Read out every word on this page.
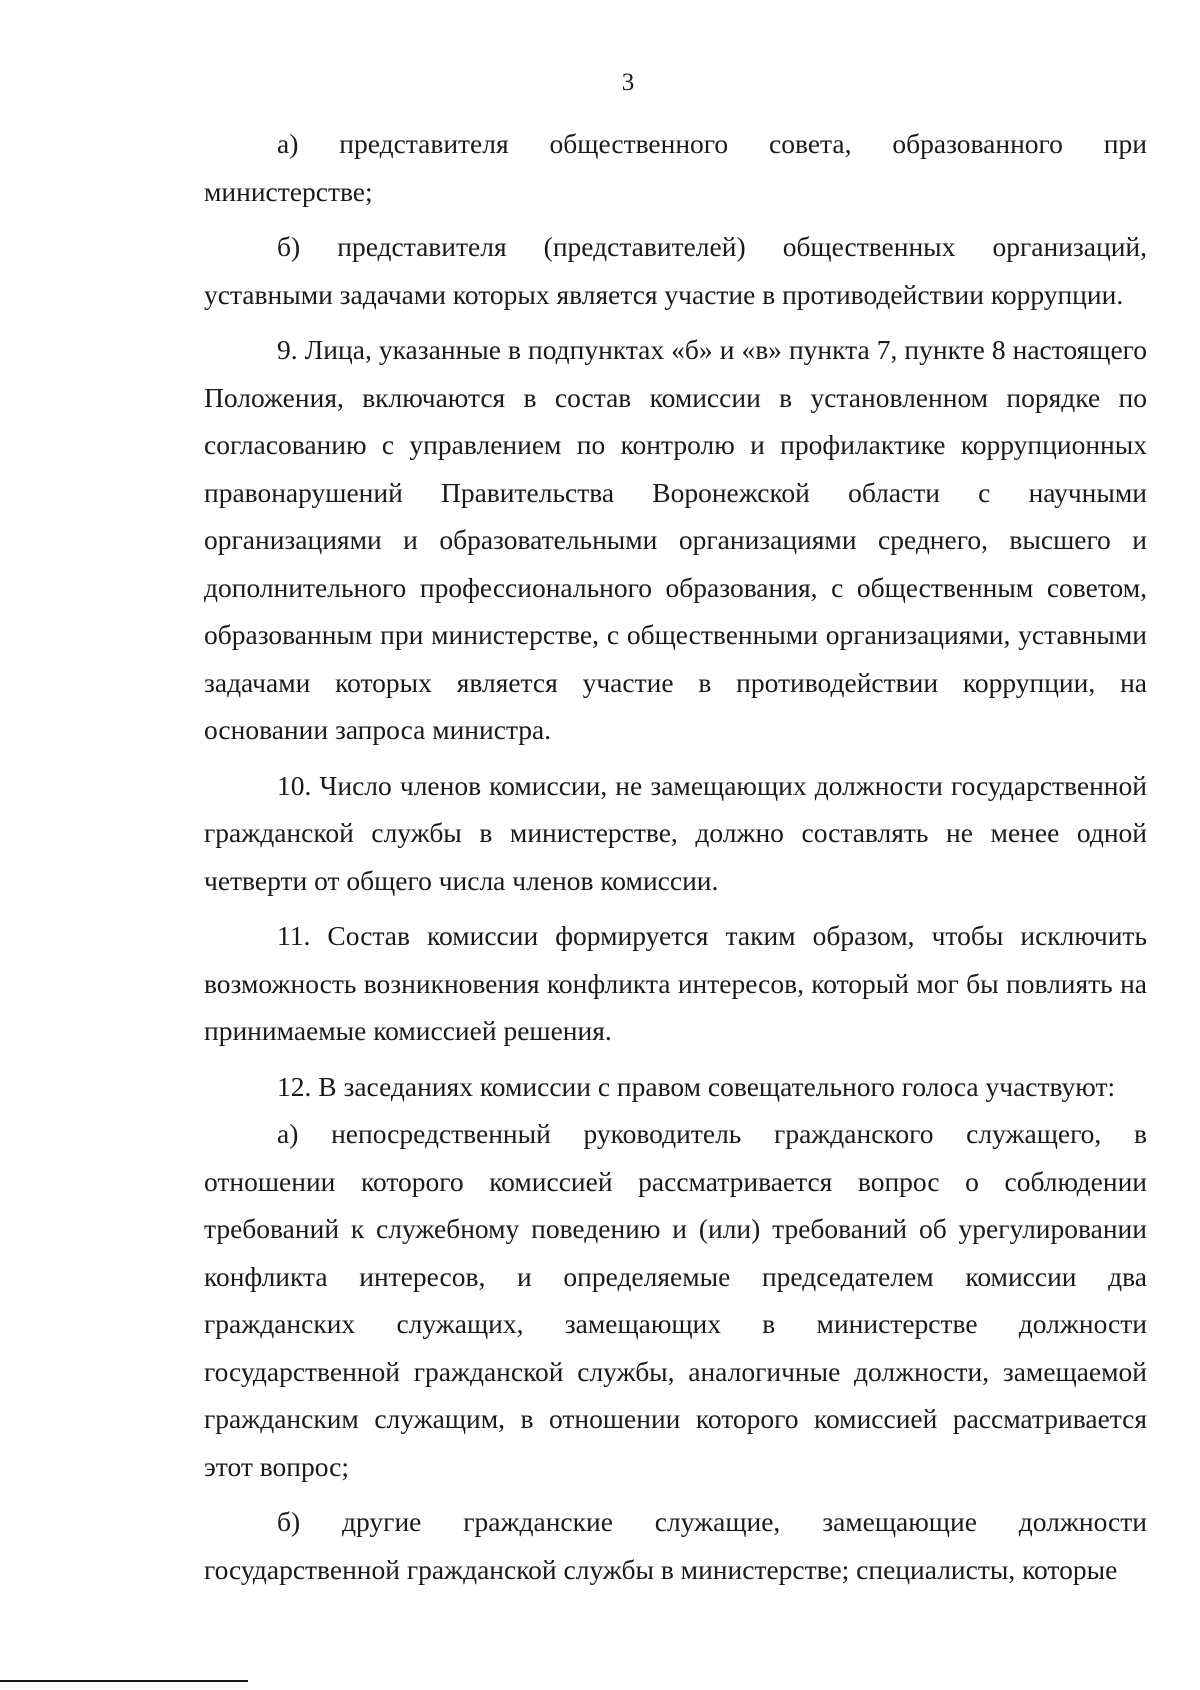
3

а) представителя общественного совета, образованного при министерстве;

б) представителя (представителей) общественных организаций, уставными задачами которых является участие в противодействии коррупции.

9. Лица, указанные в подпунктах «б» и «в» пункта 7, пункте 8 настоящего Положения, включаются в состав комиссии в установленном порядке по согласованию с управлением по контролю и профилактике коррупционных правонарушений Правительства Воронежской области с научными организациями и образовательными организациями среднего, высшего и дополнительного профессионального образования, с общественным советом, образованным при министерстве, с общественными организациями, уставными задачами которых является участие в противодействии коррупции, на основании запроса министра.

10. Число членов комиссии, не замещающих должности государственной гражданской службы в министерстве, должно составлять не менее одной четверти от общего числа членов комиссии.

11. Состав комиссии формируется таким образом, чтобы исключить возможность возникновения конфликта интересов, который мог бы повлиять на принимаемые комиссией решения.

12. В заседаниях комиссии с правом совещательного голоса участвуют:

а) непосредственный руководитель гражданского служащего, в отношении которого комиссией рассматривается вопрос о соблюдении требований к служебному поведению и (или) требований об урегулировании конфликта интересов, и определяемые председателем комиссии два гражданских служащих, замещающих в министерстве должности государственной гражданской службы, аналогичные должности, замещаемой гражданским служащим, в отношении которого комиссией рассматривается этот вопрос;

б) другие гражданские служащие, замещающие должности государственной гражданской службы в министерстве; специалисты, которые
